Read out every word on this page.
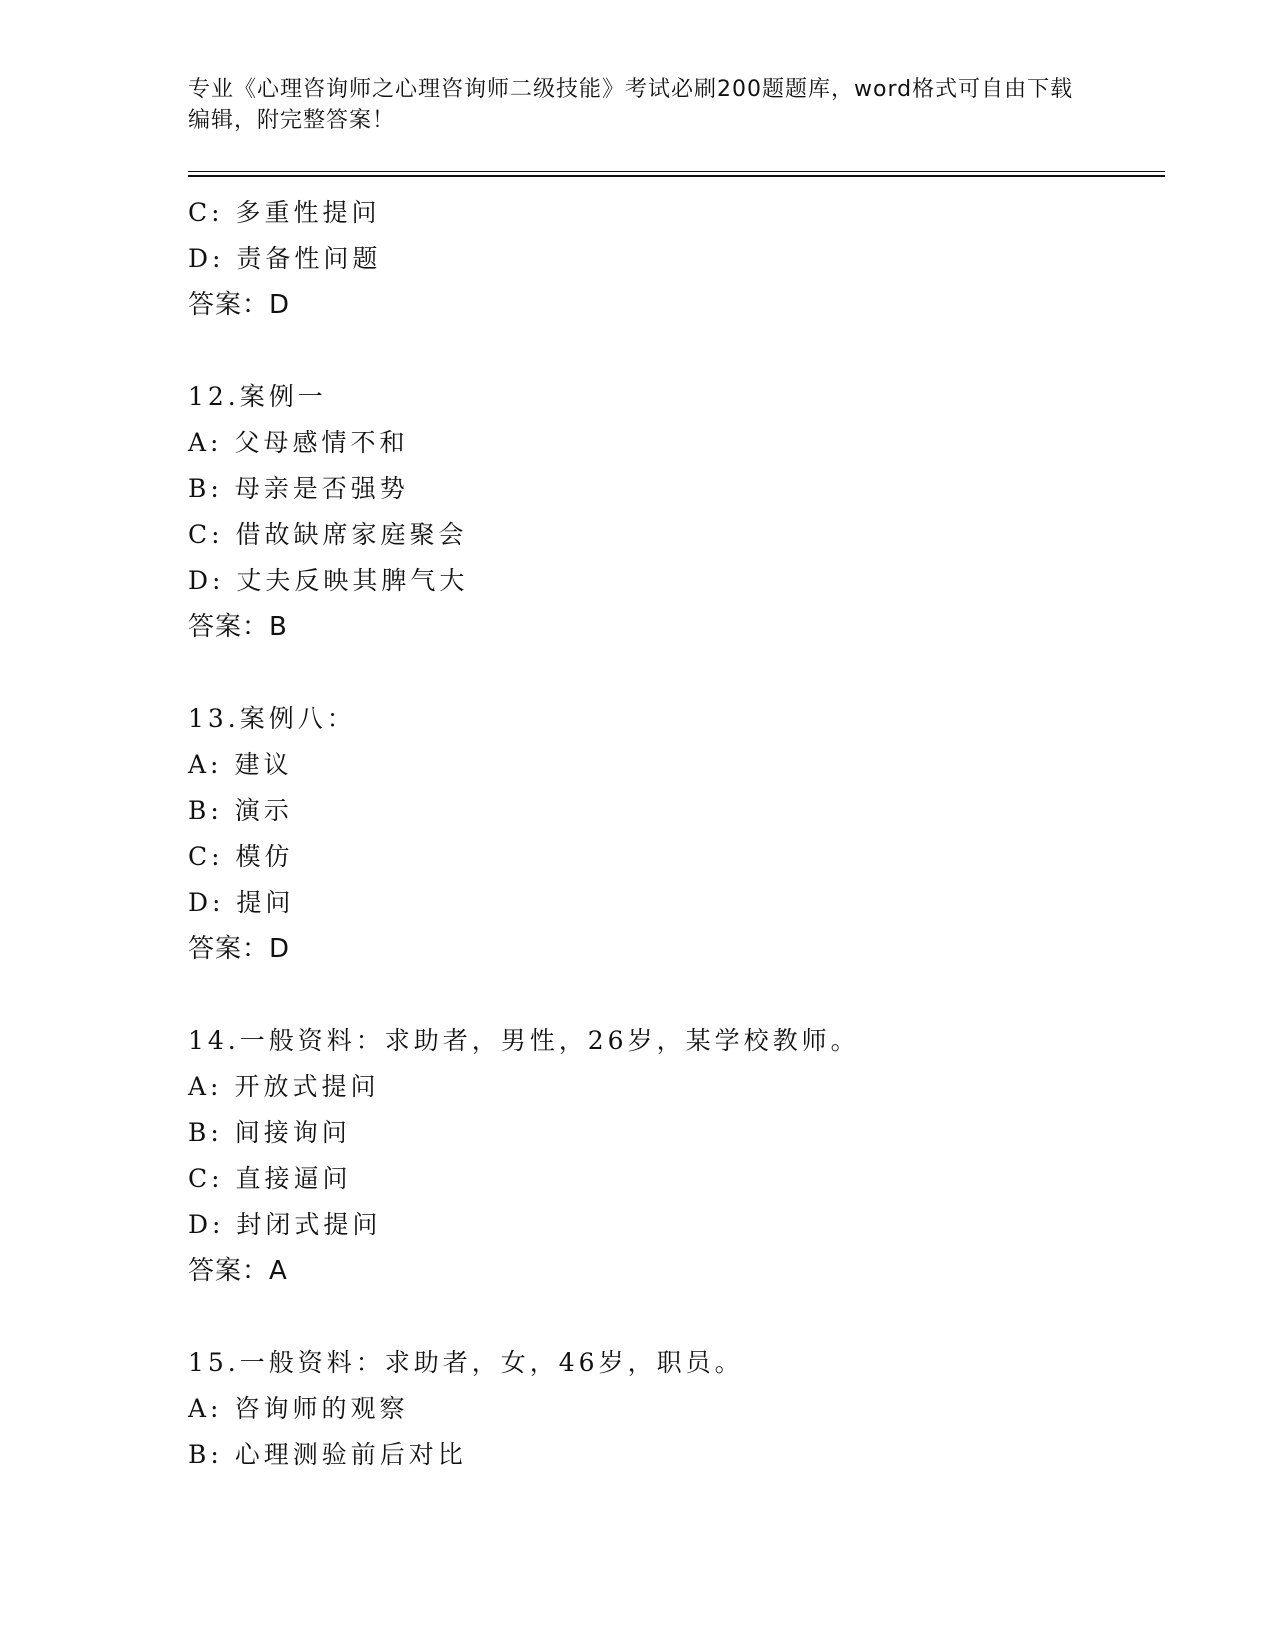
专业《心理咨询师之心理咨询师二级技能》考试必刷200题题库，word格式可自由下载编辑，附完整答案！
C: 多重性提问
D: 责备性问题
答案：D
12.案例一
A: 父母感情不和
B: 母亲是否强势
C: 借故缺席家庭聚会
D: 丈夫反映其脾气大
答案：B
13.案例八：
A: 建议
B: 演示
C: 模仿
D: 提问
答案：D
14.一般资料：求助者，男性，26岁，某学校教师。
A: 开放式提问
B: 间接询问
C: 直接逼问
D: 封闭式提问
答案：A
15.一般资料：求助者，女，46岁，职员。
A: 咨询师的观察
B: 心理测验前后对比
